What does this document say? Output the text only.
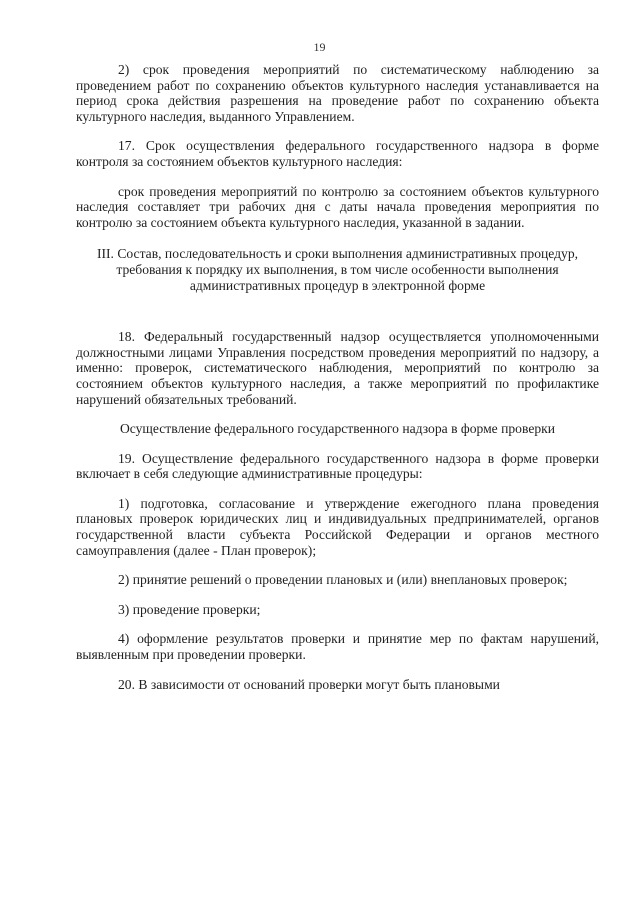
19

2) срок проведения мероприятий по систематическому наблюдению за проведением работ по сохранению объектов культурного наследия устанавливается на период срока действия разрешения на проведение работ по сохранению объекта культурного наследия, выданного Управлением.

17. Срок осуществления федерального государственного надзора в форме контроля за состоянием объектов культурного наследия:

срок проведения мероприятий по контролю за состоянием объектов культурного наследия составляет три рабочих дня с даты начала проведения мероприятия по контролю за состоянием объекта культурного наследия, указанной в задании.

III. Состав, последовательность и сроки выполнения административных процедур, требования к порядку их выполнения, в том числе особенности выполнения административных процедур в электронной форме

18. Федеральный государственный надзор осуществляется уполномоченными должностными лицами Управления посредством проведения мероприятий по надзору, а именно: проверок, систематического наблюдения, мероприятий по контролю за состоянием объектов культурного наследия, а также мероприятий по профилактике нарушений обязательных требований.

Осуществление федерального государственного надзора в форме проверки

19. Осуществление федерального государственного надзора в форме проверки включает в себя следующие административные процедуры:

1) подготовка, согласование и утверждение ежегодного плана проведения плановых проверок юридических лиц и индивидуальных предпринимателей, органов государственной власти субъекта Российской Федерации и органов местного самоуправления (далее - План проверок);

2) принятие решений о проведении плановых и (или) внеплановых проверок;

3) проведение проверки;

4) оформление результатов проверки и принятие мер по фактам нарушений, выявленным при проведении проверки.

20. В зависимости от оснований проверки могут быть плановыми
